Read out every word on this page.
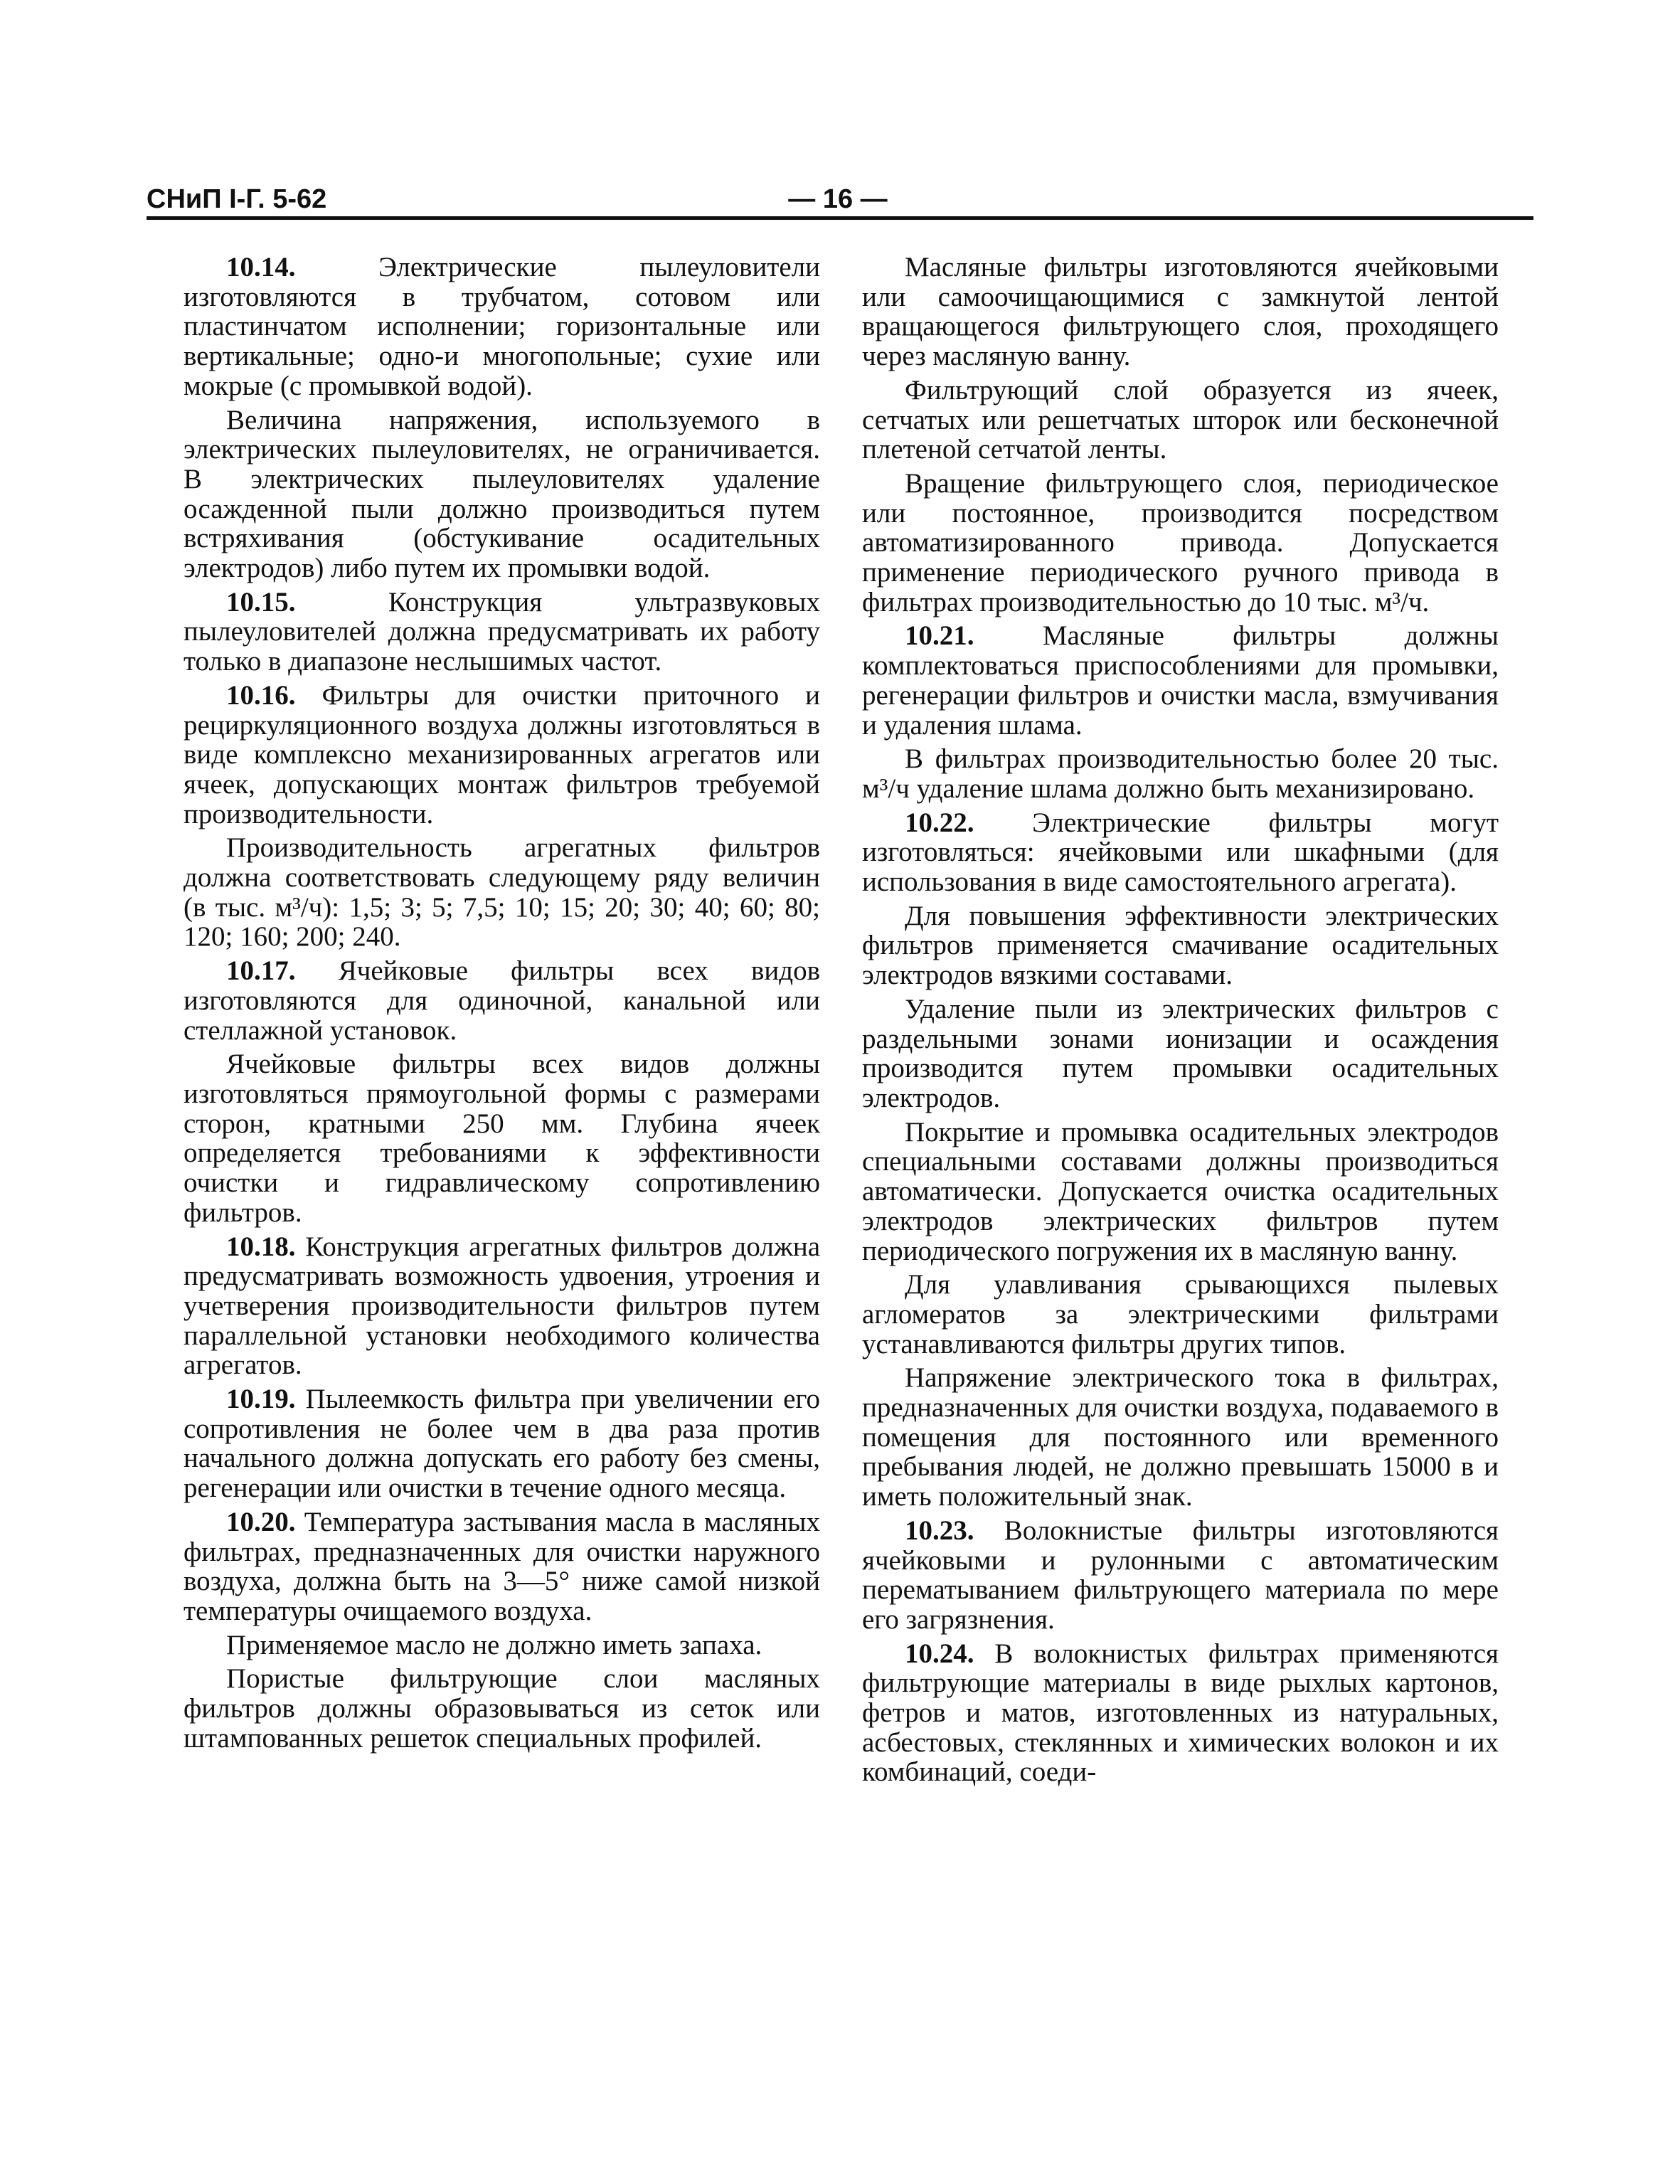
СНиП I-Г. 5-62	— 16 —

10.14.	Электрические пылеуловители изготовляются в трубчатом, сотовом или пластинчатом исполнении; горизонтальные или вертикальные; одно-и многопольные; сухие или мокрые (с промывкой водой).

Величина напряжения, используемого в электрических пылеуловителях, не ограничивается. В электрических пылеуловителях удаление осажденной пыли должно производиться путем встряхивания (обстукивание осадительных электродов) либо путем их промывки водой.

10.15.	Конструкция ультразвуковых пылеуловителей должна предусматривать их работу только в диапазоне неслышимых частот.

10.16. Фильтры для очистки приточного и рециркуляционного воздуха должны изготовляться в виде комплексно механизированных агрегатов или ячеек, допускающих монтаж фильтров требуемой производительности.

Производительность агрегатных фильтров должна соответствовать следующему ряду величин (в тыс. м³/ч): 1,5; 3; 5; 7,5; 10; 15; 20; 30; 40; 60; 80; 120; 160; 200; 240.

10.17. Ячейковые фильтры всех видов изготовляются для одиночной, канальной или стеллажной установок.

Ячейковые фильтры всех видов должны изготовляться прямоугольной формы с размерами сторон, кратными 250 мм. Глубина ячеек определяется требованиями к эффективности очистки и гидравлическому сопротивлению фильтров.

10.18. Конструкция агрегатных фильтров должна предусматривать возможность удвоения, утроения и учетверения производительности фильтров путем параллельной установки необходимого количества агрегатов.

10.19. Пылеемкость фильтра при увеличении его сопротивления не более чем в два раза против начального должна допускать его работу без смены, регенерации или очистки в течение одного месяца.

10.20. Температура застывания масла в масляных фильтрах, предназначенных для очистки наружного воздуха, должна быть на 3—5° ниже самой низкой температуры очищаемого воздуха.

Применяемое масло не должно иметь запаха.

Пористые фильтрующие слои масляных фильтров должны образовываться из сеток или штампованных решеток специальных профилей.

Масляные фильтры изготовляются ячейковыми или самоочищающимися с замкнутой лентой вращающегося фильтрующего слоя, проходящего через масляную ванну.

Фильтрующий слой образуется из ячеек, сетчатых или решетчатых шторок или бесконечной плетеной сетчатой ленты.

Вращение фильтрующего слоя, периодическое или постоянное, производится посредством автоматизированного привода. Допускается применение периодического ручного привода в фильтрах производительностью до 10 тыс. м³/ч.

10.21. Масляные фильтры должны комплектоваться приспособлениями для промывки, регенерации фильтров и очистки масла, взмучивания и удаления шлама.

В фильтрах производительностью более 20 тыс. м³/ч удаление шлама должно быть механизировано.

10.22. Электрические фильтры могут изготовляться: ячейковыми или шкафными (для использования в виде самостоятельного агрегата).

Для повышения эффективности электрических фильтров применяется смачивание осадительных электродов вязкими составами.

Удаление пыли из электрических фильтров с раздельными зонами ионизации и осаждения производится путем промывки осадительных электродов.

Покрытие и промывка осадительных электродов специальными составами должны производиться автоматически. Допускается очистка осадительных электродов электрических фильтров путем периодического погружения их в масляную ванну.

Для улавливания срывающихся пылевых агломератов за электрическими фильтрами устанавливаются фильтры других типов.

Напряжение электрического тока в фильтрах, предназначенных для очистки воздуха, подаваемого в помещения для постоянного или временного пребывания людей, не должно превышать 15000 в и иметь положительный знак.

10.23. Волокнистые фильтры изготовляются ячейковыми и рулонными с автоматическим перематыванием фильтрующего материала по мере его загрязнения.

10.24. В волокнистых фильтрах применяются фильтрующие материалы в виде рыхлых картонов, фетров и матов, изготовленных из натуральных, асбестовых, стеклянных и химических волокон и их комбинаций, соеди-
